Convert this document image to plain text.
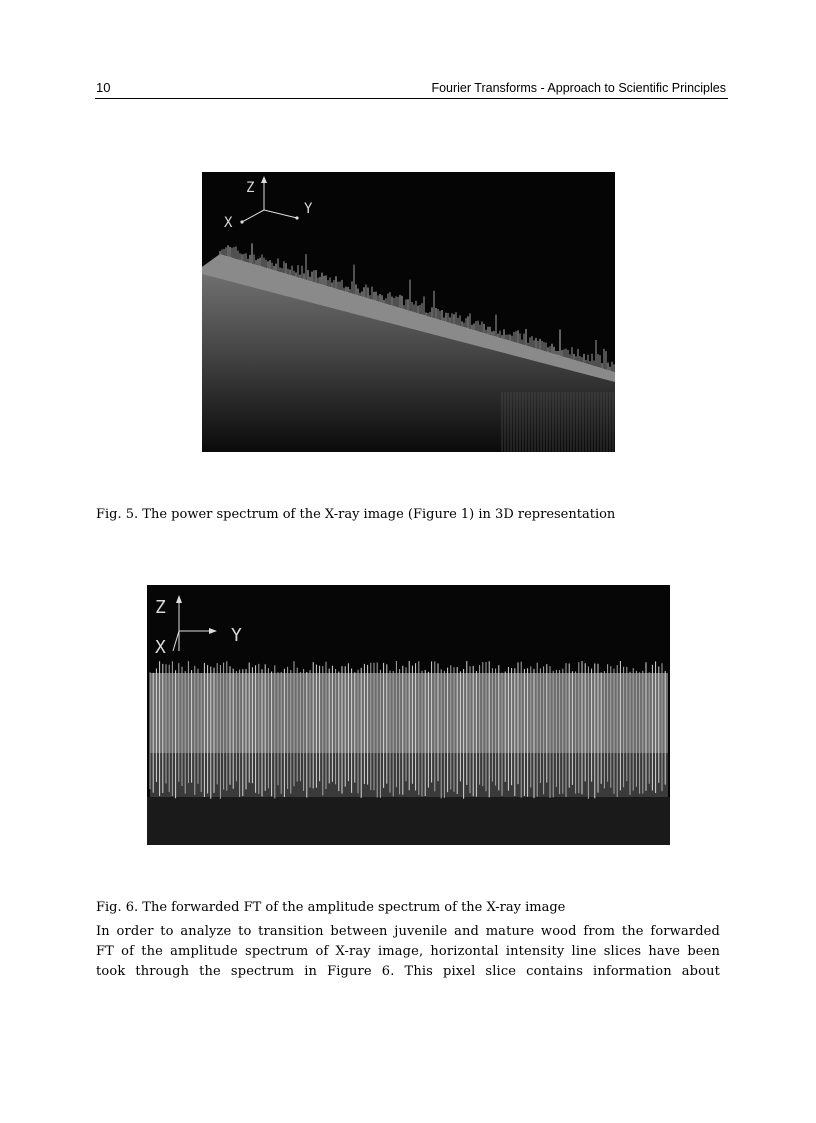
10	Fourier Transforms - Approach to Scientific Principles
Z
X
Y
Fig. 5. The power spectrum of the X-ray image (Figure 1) in 3D representation
Z
X
Y
Fig. 6. The forwarded FT of the amplitude spectrum of the X-ray image
In order to analyze to transition between juvenile and mature wood from the forwarded
FT of the amplitude spectrum of X-ray image, horizontal intensity line slices have been
took through the spectrum in Figure 6. This pixel slice contains information about
